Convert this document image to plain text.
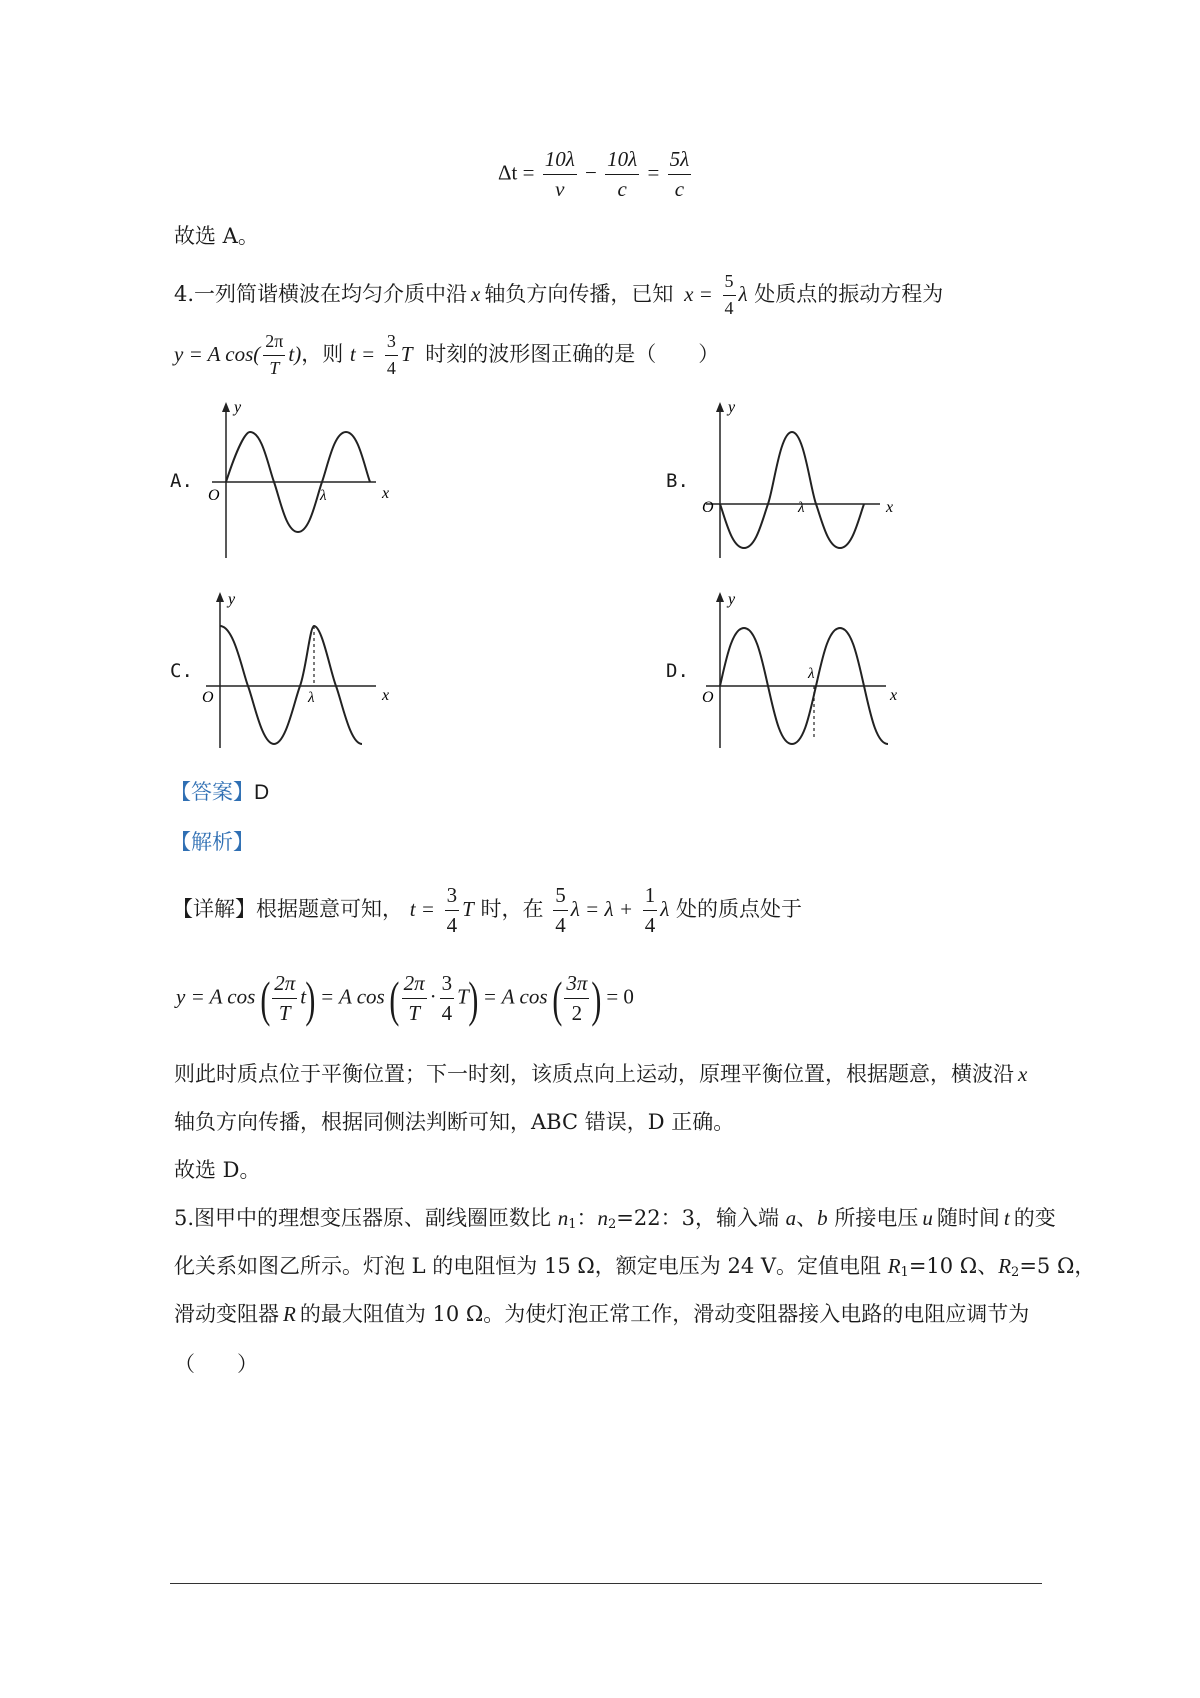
$\Delta t = \frac{10\lambda}{v} - \frac{10\lambda}{c} = \frac{5\lambda}{c}$
故选 A。
4.一列简谐横波在均匀介质中沿 x 轴负方向传播，已知 $x = \frac{5}{4}$ λ 处质点的振动方程为
y = A $\cos( \frac{2\pi}{T} t)$，则 $t = \frac{3}{4}$ T 时刻的波形图正确的是（　　）
A.
y
x
O	λ
B.
y
x
O	λ
C.
y
x
O	λ
D.
y
x
O
λ
【答案】D
【解析】
【详解】根据题意可知， $t = \frac{3}{4}$ T 时，在 $\frac{5}{4}$ $\lambda = \lambda + \frac{1}{4}$ λ 处的质点处于
y = A cos ( $\frac{2\pi}{T} t) = A$ cos ( $\frac{2\pi}{T} \cdot \frac{3}{4} T) = A$ cos ( $\frac{3\pi}{2}$ ) = 0
则此时质点位于平衡位置；下一时刻，该质点向上运动，原理平衡位置，根据题意，横波沿 x
轴负方向传播，根据同侧法判断可知，ABC 错误，D 正确。
故选 D。
5.图甲中的理想变压器原、副线圈匝数比 $n_1$：$n_2=22$：3，输入端 a、b 所接电压 u 随时间 t 的变
化关系如图乙所示。灯泡 L 的电阻恒为 15 Ω，额定电压为 24 V。定值电阻 $R_1=10$ Ω、$R_2=5$ Ω，
滑动变阻器 R 的最大阻值为 10 Ω。为使灯泡正常工作，滑动变阻器接入电路的电阻应调节为
（　　）
